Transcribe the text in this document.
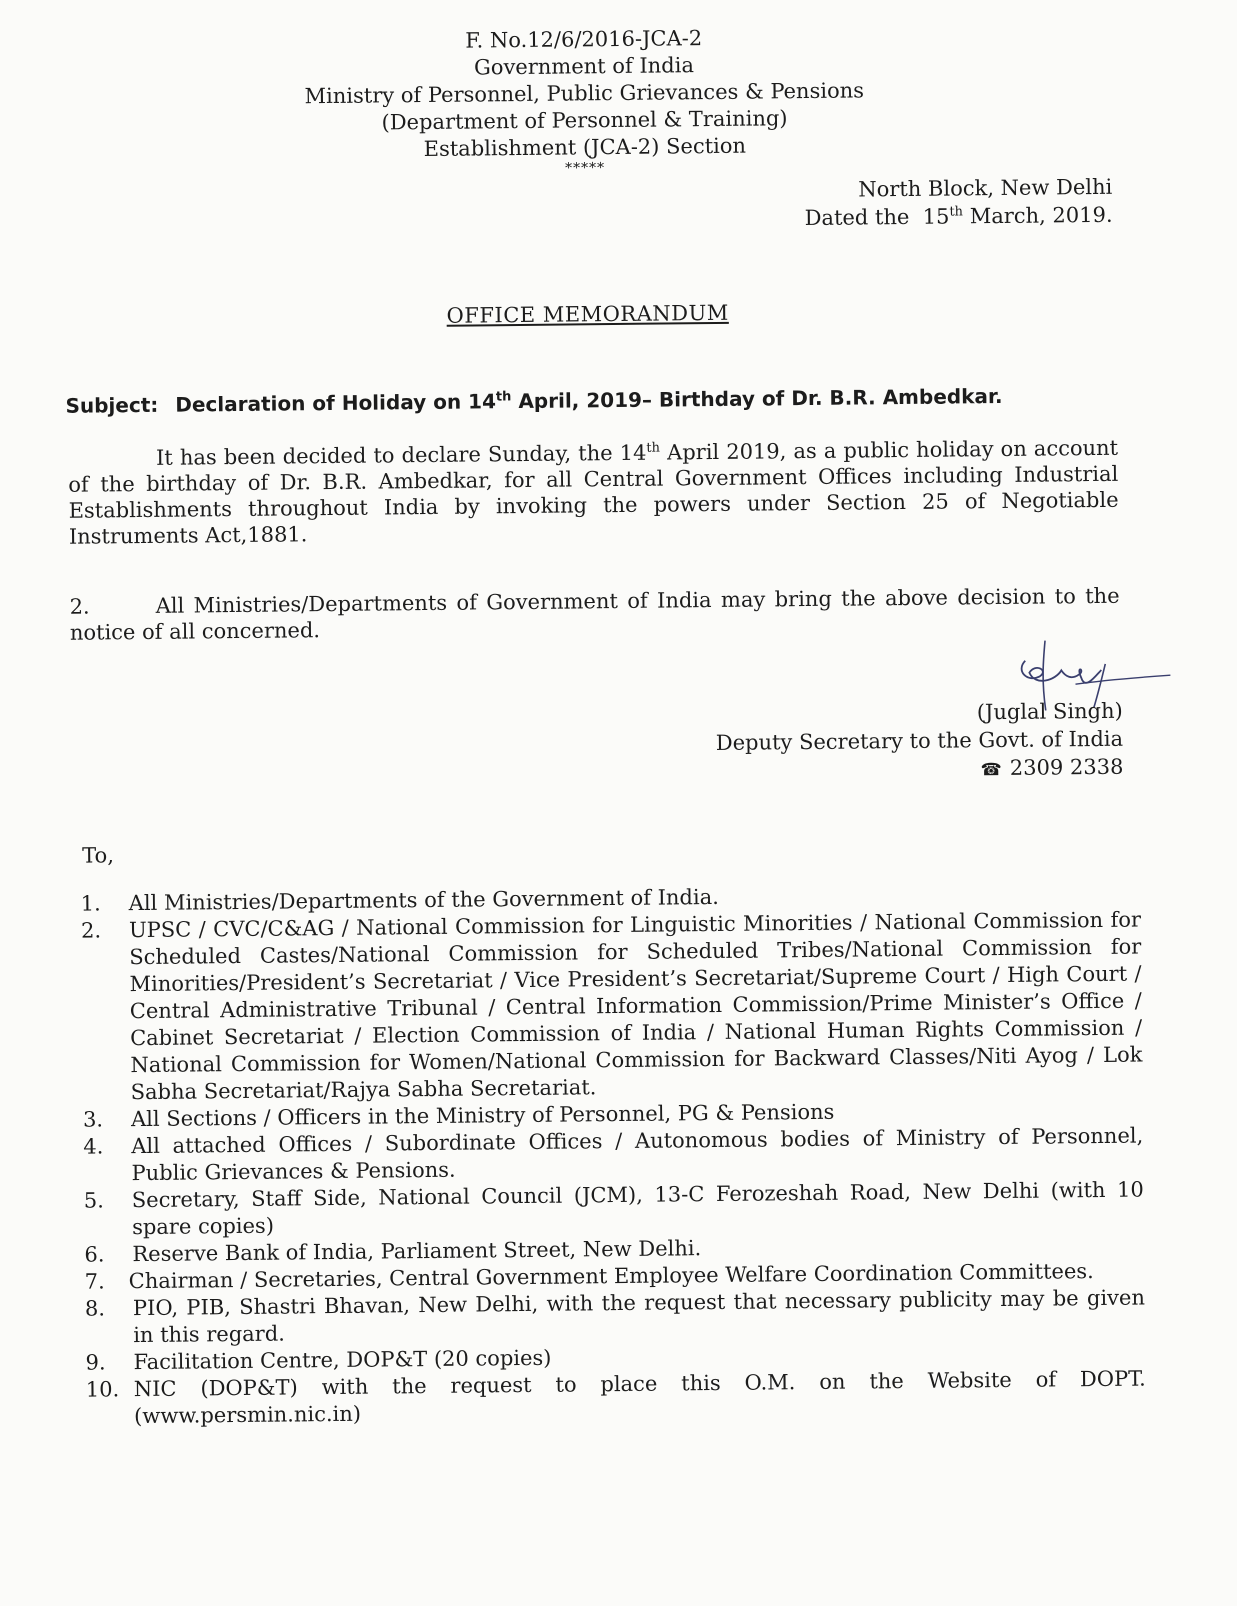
F. No.12/6/2016-JCA-2
Government of India
Ministry of Personnel, Public Grievances & Pensions
(Department of Personnel & Training)
Establishment (JCA-2) Section
*****
North Block, New Delhi
Dated the 15th March, 2019.
OFFICE MEMORANDUM
Subject: Declaration of Holiday on 14th April, 2019– Birthday of Dr. B.R. Ambedkar.
It has been decided to declare Sunday, the 14th April 2019, as a public holiday on account of the birthday of Dr. B.R. Ambedkar, for all Central Government Offices including Industrial Establishments throughout India by invoking the powers under Section 25 of Negotiable Instruments Act,1881.
2.	All Ministries/Departments of Government of India may bring the above decision to the notice of all concerned.
(Juglal Singh)
Deputy Secretary to the Govt. of India
☎ 2309 2338
To,
1.	All Ministries/Departments of the Government of India.
2.	UPSC / CVC/C&AG / National Commission for Linguistic Minorities / National Commission for Scheduled Castes/National Commission for Scheduled Tribes/National Commission for Minorities/President’s Secretariat / Vice President’s Secretariat/Supreme Court / High Court / Central Administrative Tribunal / Central Information Commission/Prime Minister’s Office / Cabinet Secretariat / Election Commission of India / National Human Rights Commission / National Commission for Women/National Commission for Backward Classes/Niti Ayog / Lok Sabha Secretariat/Rajya Sabha Secretariat.
3.	All Sections / Officers in the Ministry of Personnel, PG & Pensions
4.	All attached Offices / Subordinate Offices / Autonomous bodies of Ministry of Personnel, Public Grievances & Pensions.
5.	Secretary, Staff Side, National Council (JCM), 13-C Ferozeshah Road, New Delhi (with 10 spare copies)
6.	Reserve Bank of India, Parliament Street, New Delhi.
7.	Chairman / Secretaries, Central Government Employee Welfare Coordination Committees.
8.	PIO, PIB, Shastri Bhavan, New Delhi, with the request that necessary publicity may be given in this regard.
9.	Facilitation Centre, DOP&T (20 copies)
10. NIC (DOP&T) with the request to place this O.M. on the Website of DOPT.(www.persmin.nic.in)
